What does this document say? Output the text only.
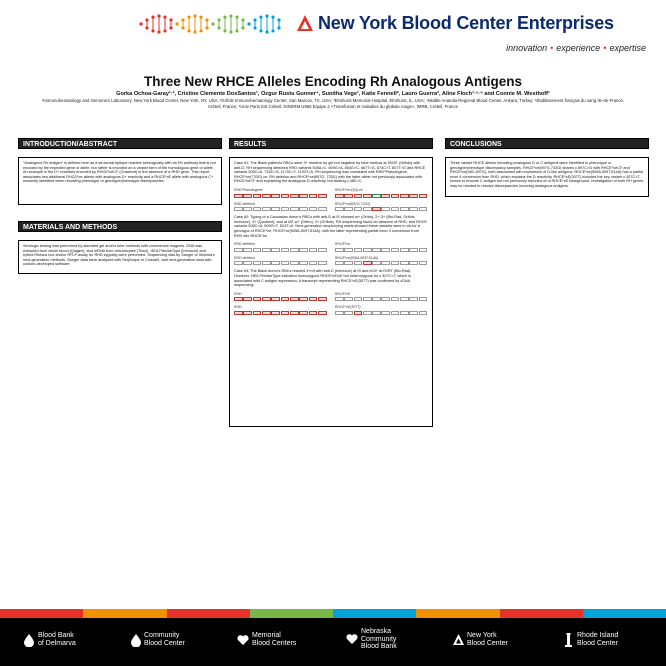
New York Blood Center Enterprises
innovation • experience • expertise
Three New RHCE Alleles Encoding Rh Analogous Antigens
Gorka Ochoa-Garay¹·², Cristine Clemente DosSantos¹, Ozgur Rustu Gunner⁴, Sunitha Vege¹, Katie Fennell², Lauro Guerra², Aline Floch¹·⁵·⁶ and Connie M. Westhoff¹
¹Immunohematology and Genomics Laboratory, New York Blood Center, New York, NY, USA; ²Grifols Immunohematology Center, San Marcos, TX, USA; ³Elmhurst Memorial Hospital, Elmhurst, IL, USA; ⁴Middle Anatolia Regional Blood Center, Ankara, Turkey; ⁵Établissement français du sang Ile-de-France, Créteil, France; ⁶Univ Paris Est Créteil, INSERM U955 Equipe 2 «Transfusion et maladies du globule rouge», IMRB, Créteil, France
INTRODUCTION/ABSTRACT

"Analogous Rh antigen" is defined here as a structural epitope reactive serologically with an Rh antibody that is not encoded by the expected gene or allele, but rather is encoded on a variant form of the homologous gene or allele. An example is the D+ reactivity encoded by RHCE*ceCF (Crawford) in the absence of a RHD gene. This report associates two additional RHCE*ce alleles with analogous D+ reactivity and a RHCE*cE allele with analogous C+ reactivity identified when resolving phenotype or genotype/phenotype discrepancies.

MATERIALS AND METHODS

Serologic testing was performed by standard gel and/or tube methods with commercial reagents. DNA was extracted from whole blood (Qiagen), and mRNA from reticulocytes (Trizol). HEA PreciseType (Immucor) and hybrid Rhesus box and/or RFLP assay for RHD zygosity were performed. Sequencing was by Sanger or Illumina's next-generation methods. Sanger data were analyzed with SeqScape or ClustalX, and next-generation data with custom-developed software.

RESULTS
Case #1: The Black patient's RBCs were 3+ reactive by gel but negative by tube method at IS/IAT (Grifols) with anti-D. RH sequencing detected RHD variants 505A>C, 609G>A, 654G>C, 667T>G, 674C>T, 807T>G and RHCE variants 505C>A, 733C>G, 1170C>T, 1193T>A. RH sequencing was consistent with RHD*Pseudogene, RHCE*ce(733G) ce. RH deletion and RHCE*ce(697G, 733G) with the latter allele not previously associated with RHCE*ceCF and explaining the analogous D reactivity, but lacking c.48C>C.
RHD*Pseudogene	RHCE*ce-D(5)-ce
RHD deletion	RHCE*ce(697G,733G)
Case #2: Typing of a Caucasian donor's RBCs with anti-D at IS showed w+ (Ortho), 2+-3+ (Bio-Rad, Grifols, Immucor), 4+ (Quotient), and at IAT w+ (Ortho), 4+ (Grifols). RH sequencing found an absence of RHD, and RHCE variants 505C>A, 509G>T, 514T>A. Next-generation sequencing reads showed these variants were in cis for a genotype of RHCE*ce, RHCE*ce(505A,509T,514A), with the latter representing partial exon 4 conversion from RHD into RHCE*ce.
RHD deletion	RHCE*ce
RHD deletion	RHCE*ce(505A,509T,514A)
Case #3: The Black donor's RBCs reacted 3+mf with anti-C (Immucor) at IS and m/3+ at IS/RT (Bio-Rad). However, HEA PreciseType indicated homozygous RHCE*cE/cE but heterozygous for c.307C>T, which is associated with C antigen expression. A transcript representing RHCE*cE(307T) was confirmed by cDNA sequencing.
RHD	RHCE*cE
RHD	RHCE*cE(307T)
CONCLUSIONS

Three variant RHCE alleles encoding analogous D or C antigens were identified in phenotype or genotype/phenotype discrepancy samples. RHCE*ce(697G,733G) shares c.697C>G with RHCE*ceCF and RHCE*ce(48C,697G), both associated with expression of D-like antigens. RHCE*ce(505A,509T,514A) has a partial exon 4 conversion from RHD, which explains the D reactivity. RHCE*cE(307T) includes the key variant c.307C>T, known to encode C antigen but not previously reported on a RHCE*cE background. Investigation of both RH genes may be needed to resolve discrepancies involving analogous antigens.

Blood Bank
of Delmarva
Community
Blood Center
Memorial
Blood Centers
Nebraska
Community
Blood Bank
New York
Blood Center
Rhode Island
Blood Center
